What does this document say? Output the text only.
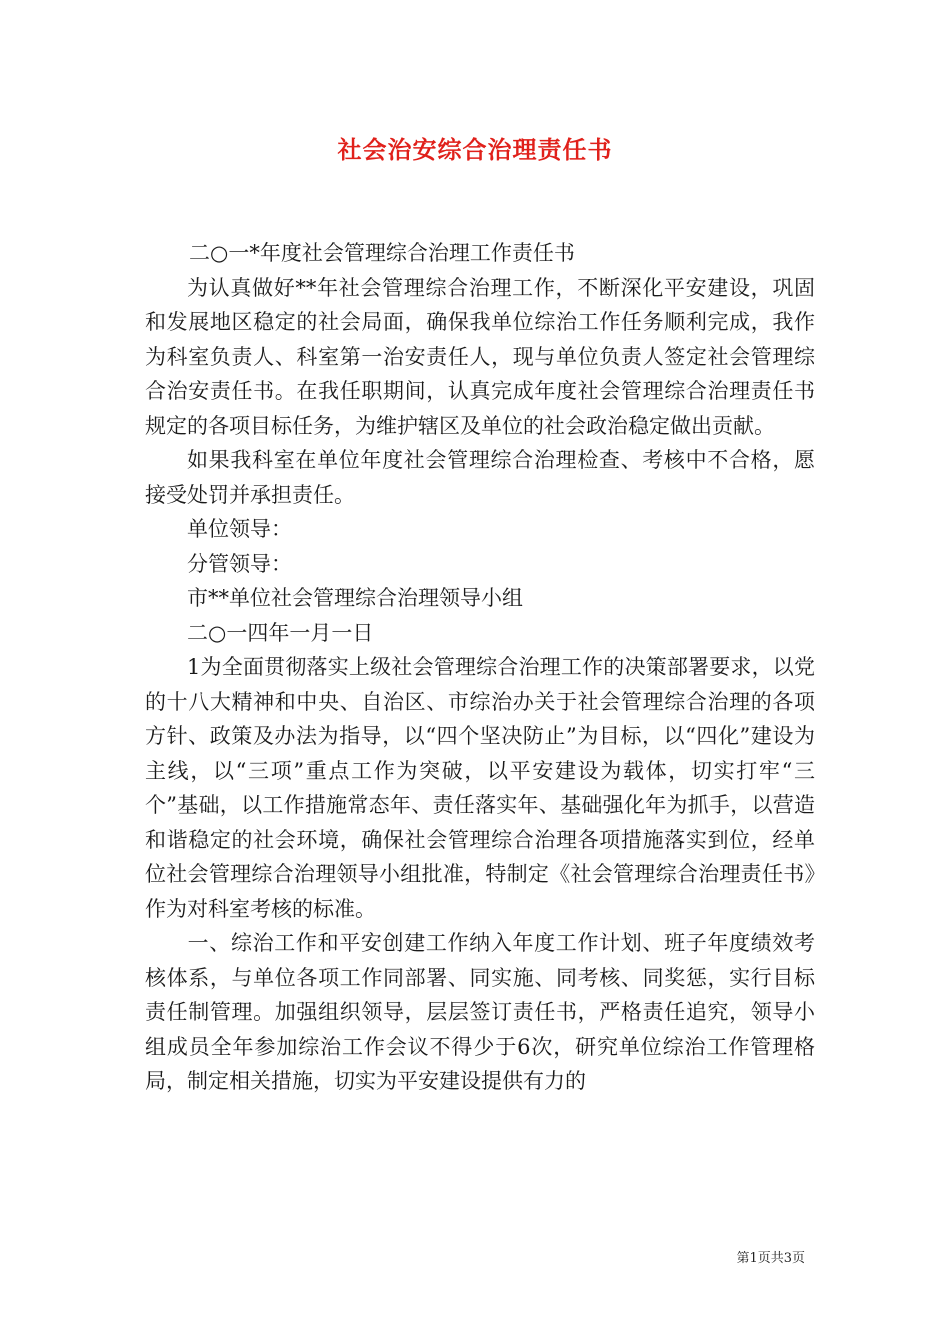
社会治安综合治理责任书

二○一*年度社会管理综合治理工作责任书

为认真做好**年社会管理综合治理工作，不断深化平安建设，巩固和发展地区稳定的社会局面，确保我单位综治工作任务顺利完成，我作为科室负责人、科室第一治安责任人，现与单位负责人签定社会管理综合治安责任书。在我任职期间，认真完成年度社会管理综合治理责任书规定的各项目标任务，为维护辖区及单位的社会政治稳定做出贡献。

如果我科室在单位年度社会管理综合治理检查、考核中不合格，愿接受处罚并承担责任。

单位领导：

分管领导：

市**单位社会管理综合治理领导小组

二○一四年一月一日

1为全面贯彻落实上级社会管理综合治理工作的决策部署要求，以党的十八大精神和中央、自治区、市综治办关于社会管理综合治理的各项方针、政策及办法为指导，以“四个坚决防止”为目标，以“四化”建设为主线，以“三项”重点工作为突破，以平安建设为载体，切实打牢“三个”基础，以工作措施常态年、责任落实年、基础强化年为抓手，以营造和谐稳定的社会环境，确保社会管理综合治理各项措施落实到位，经单位社会管理综合治理领导小组批准，特制定《社会管理综合治理责任书》作为对科室考核的标准。

一、综治工作和平安创建工作纳入年度工作计划、班子年度绩效考核体系，与单位各项工作同部署、同实施、同考核、同奖惩，实行目标责任制管理。加强组织领导，层层签订责任书，严格责任追究，领导小组成员全年参加综治工作会议不得少于6次，研究单位综治工作管理格局，制定相关措施，切实为平安建设提供有力的

第1页共3页
